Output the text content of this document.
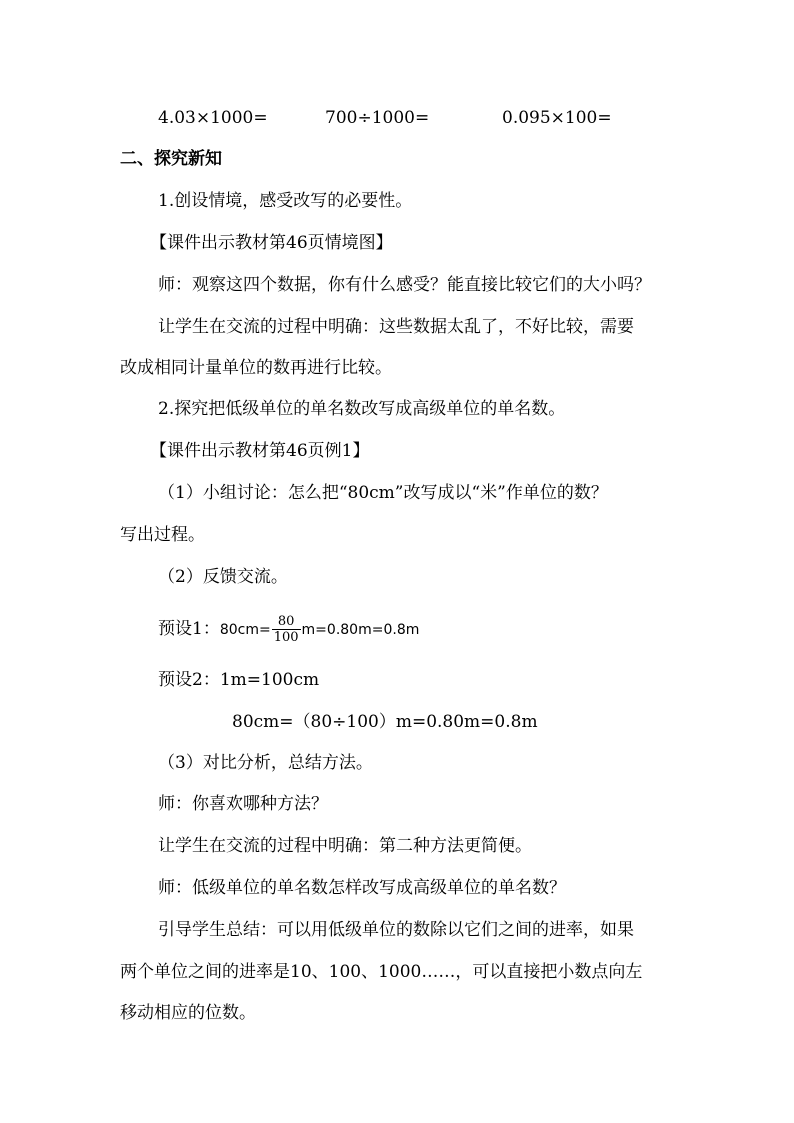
4.03×1000=	700÷1000=	0.095×100=
二、探究新知
1.创设情境，感受改写的必要性。
【课件出示教材第46页情境图】
师：观察这四个数据，你有什么感受？能直接比较它们的大小吗？
让学生在交流的过程中明确：这些数据太乱了，不好比较，需要
改成相同计量单位的数再进行比较。
2.探究把低级单位的单名数改写成高级单位的单名数。
【课件出示教材第46页例1】
（1）小组讨论：怎么把“80cm”改写成以“米”作单位的数？
写出过程。
（2）反馈交流。
预设1：$80cm= \frac{80}{100} m=0.80m=0.8m$
预设2：1m=100cm
80cm=（80÷100）m=0.80m=0.8m
（3）对比分析，总结方法。
师：你喜欢哪种方法？
让学生在交流的过程中明确：第二种方法更简便。
师：低级单位的单名数怎样改写成高级单位的单名数？
引导学生总结：可以用低级单位的数除以它们之间的进率，如果
两个单位之间的进率是10、100、1000……，可以直接把小数点向左
移动相应的位数。
